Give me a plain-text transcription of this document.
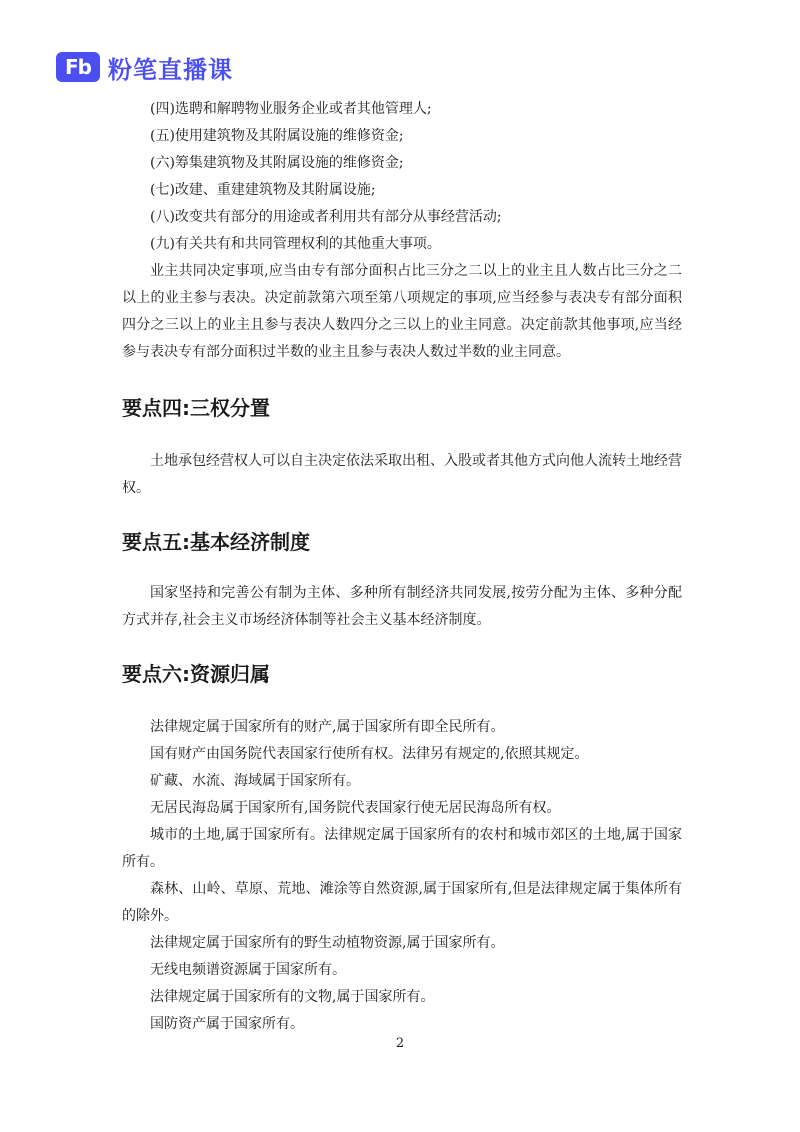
Fb 粉笔直播课

(四)选聘和解聘物业服务企业或者其他管理人;

(五)使用建筑物及其附属设施的维修资金;

(六)筹集建筑物及其附属设施的维修资金;

(七)改建、重建建筑物及其附属设施;

(八)改变共有部分的用途或者利用共有部分从事经营活动;

(九)有关共有和共同管理权利的其他重大事项。

业主共同决定事项,应当由专有部分面积占比三分之二以上的业主且人数占比三分之二以上的业主参与表决。决定前款第六项至第八项规定的事项,应当经参与表决专有部分面积四分之三以上的业主且参与表决人数四分之三以上的业主同意。决定前款其他事项,应当经参与表决专有部分面积过半数的业主且参与表决人数过半数的业主同意。

要点四:三权分置

土地承包经营权人可以自主决定依法采取出租、入股或者其他方式向他人流转土地经营权。

要点五:基本经济制度

国家坚持和完善公有制为主体、多种所有制经济共同发展,按劳分配为主体、多种分配方式并存,社会主义市场经济体制等社会主义基本经济制度。

要点六:资源归属

法律规定属于国家所有的财产,属于国家所有即全民所有。

国有财产由国务院代表国家行使所有权。法律另有规定的,依照其规定。

矿藏、水流、海域属于国家所有。

无居民海岛属于国家所有,国务院代表国家行使无居民海岛所有权。

城市的土地,属于国家所有。法律规定属于国家所有的农村和城市郊区的土地,属于国家所有。

森林、山岭、草原、荒地、滩涂等自然资源,属于国家所有,但是法律规定属于集体所有的除外。

法律规定属于国家所有的野生动植物资源,属于国家所有。

无线电频谱资源属于国家所有。

法律规定属于国家所有的文物,属于国家所有。

国防资产属于国家所有。

2
